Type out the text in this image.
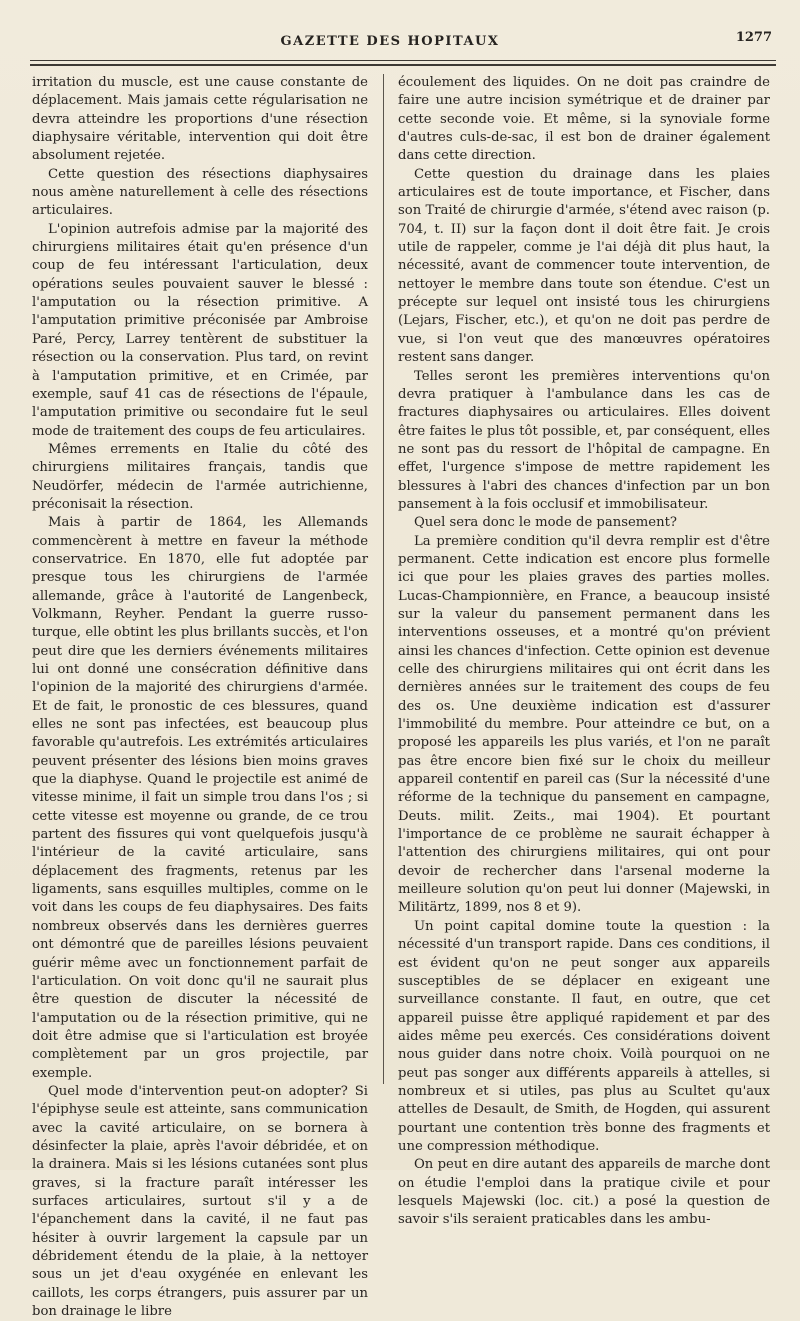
GAZETTE DES HOPITAUX	1277

irritation du muscle, est une cause constante de déplacement. Mais jamais cette régularisation ne devra atteindre les proportions d'une résection diaphysaire véritable, intervention qui doit être absolument rejetée.

Cette question des résections diaphysaires nous amène naturellement à celle des résections articulaires.

L'opinion autrefois admise par la majorité des chirurgiens militaires était qu'en présence d'un coup de feu intéressant l'articulation, deux opérations seules pouvaient sauver le blessé : l'amputation ou la résection primitive. A l'amputation primitive préconisée par Ambroise Paré, Percy, Larrey tentèrent de substituer la résection ou la conservation. Plus tard, on revint à l'amputation primitive, et en Crimée, par exemple, sauf 41 cas de résections de l'épaule, l'amputation primitive ou secondaire fut le seul mode de traitement des coups de feu articulaires.

Mêmes errements en Italie du côté des chirurgiens militaires français, tandis que Neudörfer, médecin de l'armée autrichienne, préconisait la résection.

Mais à partir de 1864, les Allemands commencèrent à mettre en faveur la méthode conservatrice. En 1870, elle fut adoptée par presque tous les chirurgiens de l'armée allemande, grâce à l'autorité de Langenbeck, Volkmann, Reyher. Pendant la guerre russo-turque, elle obtint les plus brillants succès, et l'on peut dire que les derniers événements militaires lui ont donné une consécration définitive dans l'opinion de la majorité des chirurgiens d'armée. Et de fait, le pronostic de ces blessures, quand elles ne sont pas infectées, est beaucoup plus favorable qu'autrefois. Les extrémités articulaires peuvent présenter des lésions bien moins graves que la diaphyse. Quand le projectile est animé de vitesse minime, il fait un simple trou dans l'os ; si cette vitesse est moyenne ou grande, de ce trou partent des fissures qui vont quelquefois jusqu'à l'intérieur de la cavité articulaire, sans déplacement des fragments, retenus par les ligaments, sans esquilles multiples, comme on le voit dans les coups de feu diaphysaires. Des faits nombreux observés dans les dernières guerres ont démontré que de pareilles lésions peuvaient guérir même avec un fonctionnement parfait de l'articulation. On voit donc qu'il ne saurait plus être question de discuter la nécessité de l'amputation ou de la résection primitive, qui ne doit être admise que si l'articulation est broyée complètement par un gros projectile, par exemple.

Quel mode d'intervention peut-on adopter? Si l'épiphyse seule est atteinte, sans communication avec la cavité articulaire, on se bornera à désinfecter la plaie, après l'avoir débridée, et on la drainera. Mais si les lésions cutanées sont plus graves, si la fracture paraît intéresser les surfaces articulaires, surtout s'il y a de l'épanchement dans la cavité, il ne faut pas hésiter à ouvrir largement la capsule par un débridement étendu de la plaie, à la nettoyer sous un jet d'eau oxygénée en enlevant les caillots, les corps étrangers, puis assurer par un bon drainage le libre

écoulement des liquides. On ne doit pas craindre de faire une autre incision symétrique et de drainer par cette seconde voie. Et même, si la synoviale forme d'autres culs-de-sac, il est bon de drainer également dans cette direction.

Cette question du drainage dans les plaies articulaires est de toute importance, et Fischer, dans son Traité de chirurgie d'armée, s'étend avec raison (p. 704, t. II) sur la façon dont il doit être fait. Je crois utile de rappeler, comme je l'ai déjà dit plus haut, la nécessité, avant de commencer toute intervention, de nettoyer le membre dans toute son étendue. C'est un précepte sur lequel ont insisté tous les chirurgiens (Lejars, Fischer, etc.), et qu'on ne doit pas perdre de vue, si l'on veut que des manœuvres opératoires restent sans danger.

Telles seront les premières interventions qu'on devra pratiquer à l'ambulance dans les cas de fractures diaphysaires ou articulaires. Elles doivent être faites le plus tôt possible, et, par conséquent, elles ne sont pas du ressort de l'hôpital de campagne. En effet, l'urgence s'impose de mettre rapidement les blessures à l'abri des chances d'infection par un bon pansement à la fois occlusif et immobilisateur.

Quel sera donc le mode de pansement?

La première condition qu'il devra remplir est d'être permanent. Cette indication est encore plus formelle ici que pour les plaies graves des parties molles. Lucas-Championnière, en France, a beaucoup insisté sur la valeur du pansement permanent dans les interventions osseuses, et a montré qu'on prévient ainsi les chances d'infection. Cette opinion est devenue celle des chirurgiens militaires qui ont écrit dans les dernières années sur le traitement des coups de feu des os. Une deuxième indication est d'assurer l'immobilité du membre. Pour atteindre ce but, on a proposé les appareils les plus variés, et l'on ne paraît pas être encore bien fixé sur le choix du meilleur appareil contentif en pareil cas (Sur la nécessité d'une réforme de la technique du pansement en campagne, Deuts. milit. Zeits., mai 1904). Et pourtant l'importance de ce problème ne saurait échapper à l'attention des chirurgiens militaires, qui ont pour devoir de rechercher dans l'arsenal moderne la meilleure solution qu'on peut lui donner (Majewski, in Militärtz, 1899, nos 8 et 9).

Un point capital domine toute la question : la nécessité d'un transport rapide. Dans ces conditions, il est évident qu'on ne peut songer aux appareils susceptibles de se déplacer en exigeant une surveillance constante. Il faut, en outre, que cet appareil puisse être appliqué rapidement et par des aides même peu exercés. Ces considérations doivent nous guider dans notre choix. Voilà pourquoi on ne peut pas songer aux différents appareils à attelles, si nombreux et si utiles, pas plus au Scultet qu'aux attelles de Desault, de Smith, de Hogden, qui assurent pourtant une contention très bonne des fragments et une compression méthodique.

On peut en dire autant des appareils de marche dont on étudie l'emploi dans la pratique civile et pour lesquels Majewski (loc. cit.) a posé la question de savoir s'ils seraient praticables dans les ambu-
